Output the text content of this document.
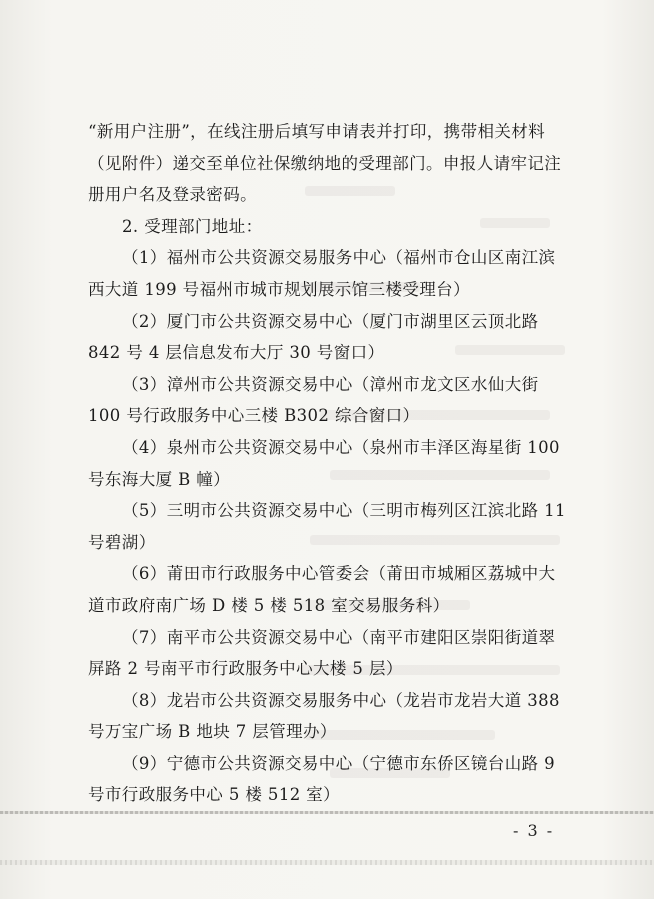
“新用户注册”，在线注册后填写申请表并打印，携带相关材料
（见附件）递交至单位社保缴纳地的受理部门。申报人请牢记注
册用户名及登录密码。
2. 受理部门地址：
（1）福州市公共资源交易服务中心（福州市仓山区南江滨
西大道 199 号福州市城市规划展示馆三楼受理台）
（2）厦门市公共资源交易中心（厦门市湖里区云顶北路
842 号 4 层信息发布大厅 30 号窗口）
（3）漳州市公共资源交易中心（漳州市龙文区水仙大街
100 号行政服务中心三楼 B302 综合窗口）
（4）泉州市公共资源交易中心（泉州市丰泽区海星街 100
号东海大厦 B 幢）
（5）三明市公共资源交易中心（三明市梅列区江滨北路 11
号碧湖）
（6）莆田市行政服务中心管委会（莆田市城厢区荔城中大
道市政府南广场 D 楼 5 楼 518 室交易服务科）
（7）南平市公共资源交易中心（南平市建阳区崇阳街道翠
屏路 2 号南平市行政服务中心大楼 5 层）
（8）龙岩市公共资源交易服务中心（龙岩市龙岩大道 388
号万宝广场 B 地块 7 层管理办）
（9）宁德市公共资源交易中心（宁德市东侨区镜台山路 9
号市行政服务中心 5 楼 512 室）
- 3 -
